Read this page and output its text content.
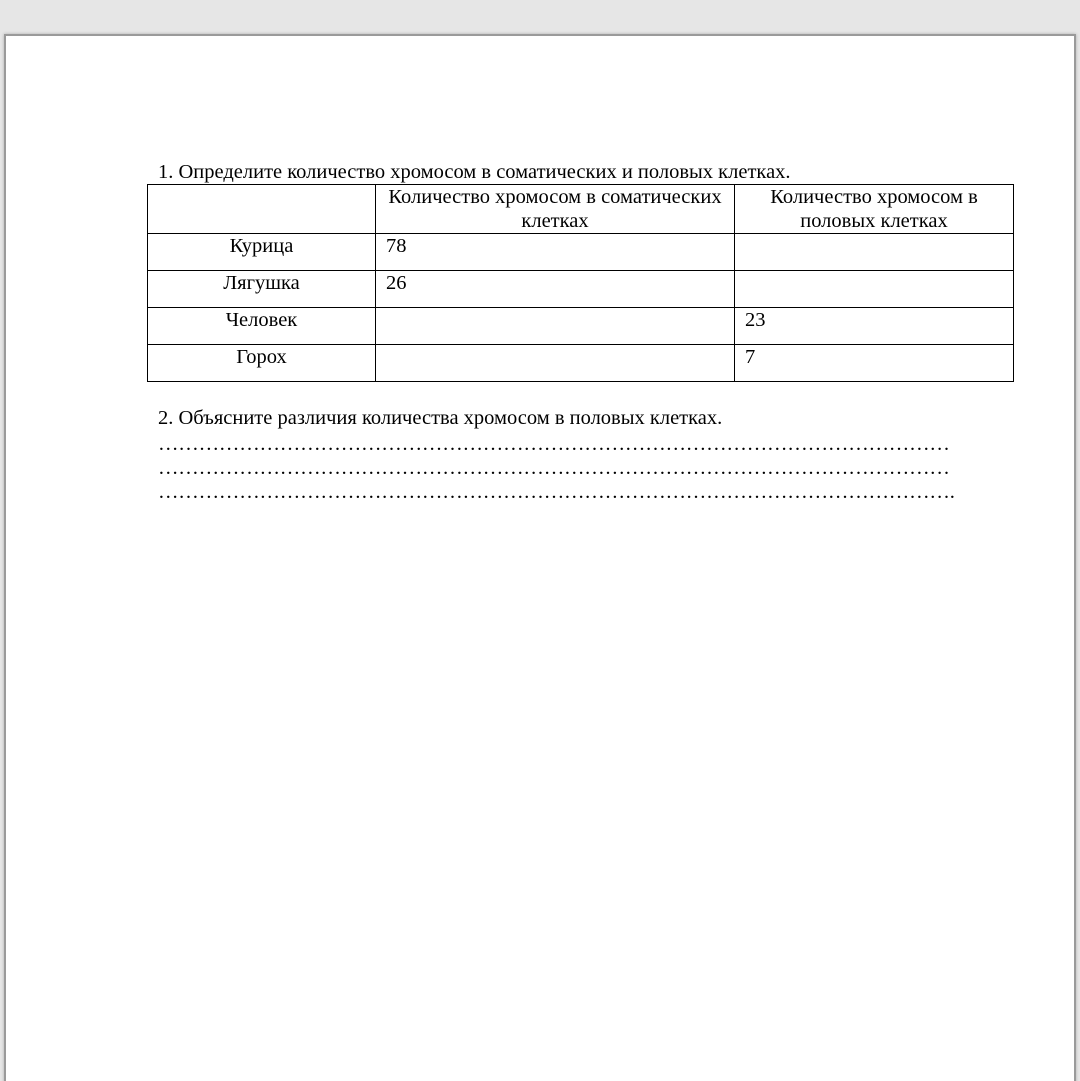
1. Определите количество хромосом в соматических и половых клетках.
	Количество хромосом в соматических клетках	Количество хромосом в половых клетках
Курица	78	
Лягушка	26	
Человек		23
Горох		7
2. Объясните различия количества хромосом в половых клетках.
………………………………………………………………………………………………………
………………………………………………………………………………………………………
……………………………………………………………………………………………………….
